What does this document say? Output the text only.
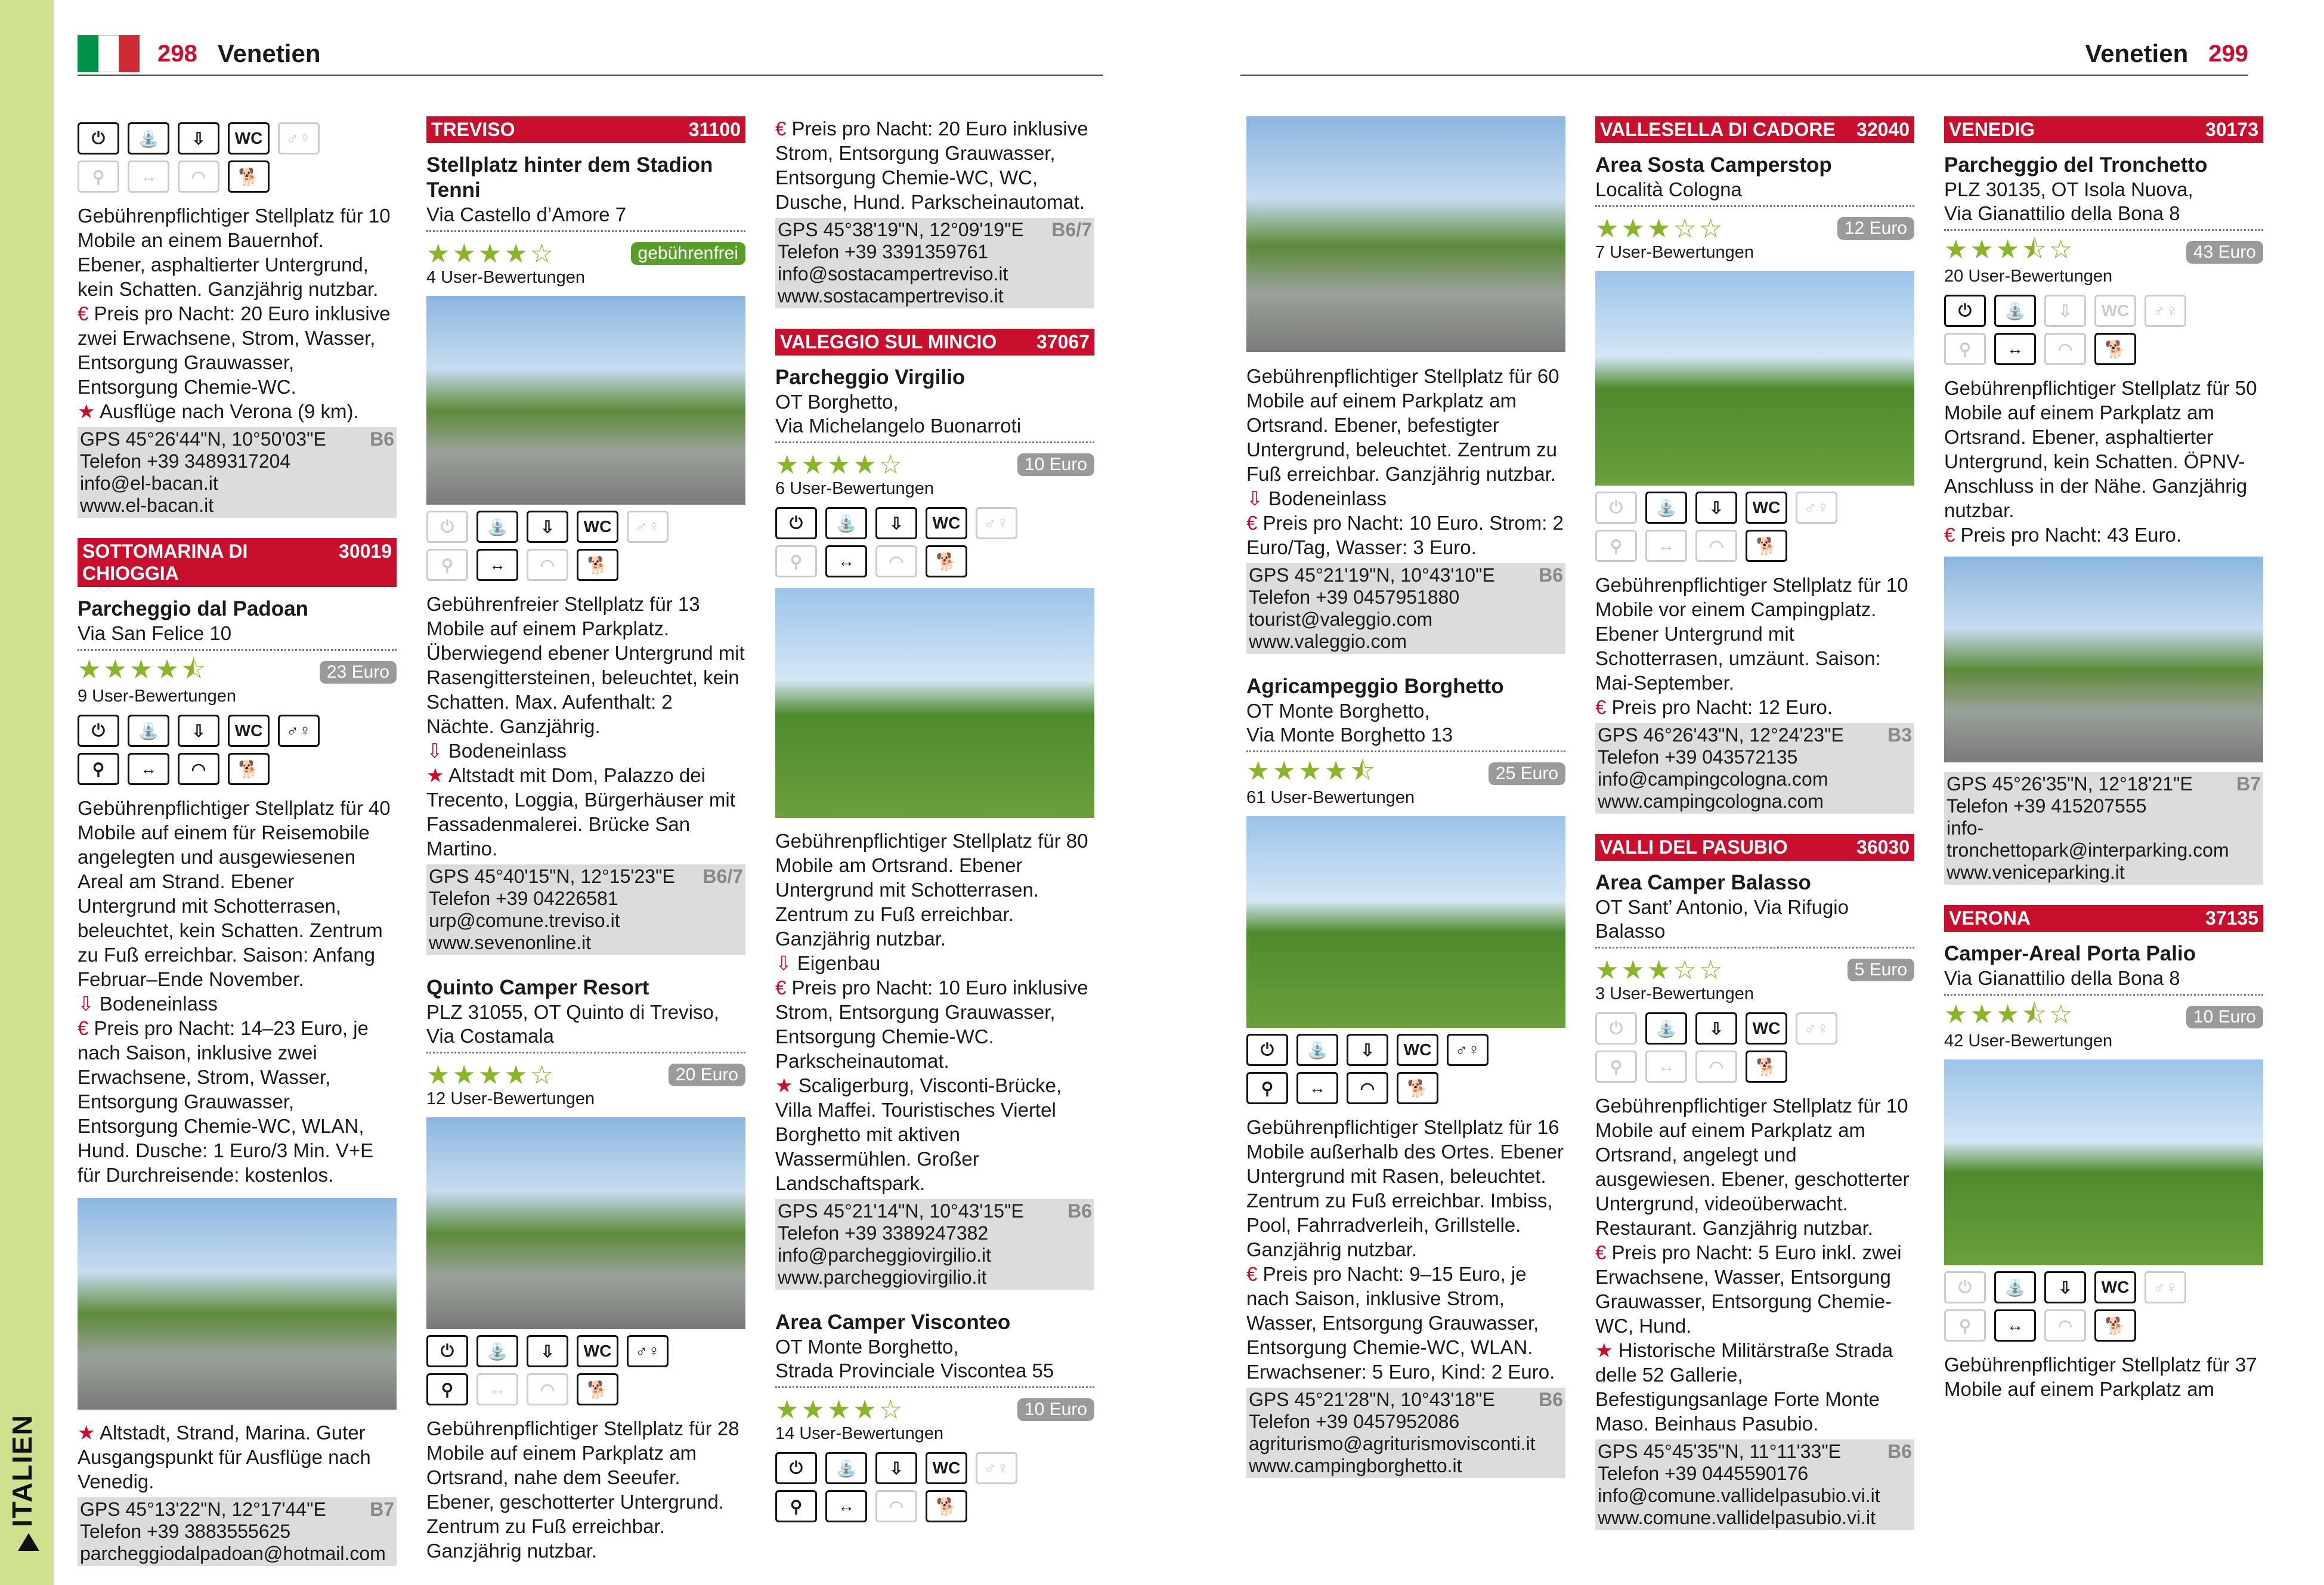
ITALIEN
298 Venetien	Venetien 299
⏻	⛲	⇩	WC	♂♀
⚲	↔	◠	🐕
Gebührenpflichtiger Stellplatz für 10 Mobile an einem Bauernhof. Ebener, asphaltierter Untergrund, kein Schatten. Ganzjährig nutzbar.
€ Preis pro Nacht: 20 Euro inklusive zwei Erwachsene, Strom, Wasser, Entsorgung Grauwasser, Entsorgung Chemie-WC.
★ Ausflüge nach Verona (9 km).
B6
GPS 45°26'44"N, 10°50'03"E
Telefon +39 3489317204
info@el-bacan.it
www.el-bacan.it
SOTTOMARINA DI CHIOGGIA
30019
Parcheggio dal Padoan
Via San Felice 10
★★★★⯪	23 Euro
9 User-Bewertungen
⏻	⛲	⇩	WC	♂♀
⚲	↔	◠	🐕
Gebührenpflichtiger Stellplatz für 40 Mobile auf einem für Reisemobile angelegten und ausgewiesenen Areal am Strand. Ebener Untergrund mit Schotterrasen, beleuchtet, kein Schatten. Zentrum zu Fuß erreichbar. Saison: Anfang Februar–Ende November.
⇩ Bodeneinlass
€ Preis pro Nacht: 14–23 Euro, je nach Saison, inklusive zwei Erwachsene, Strom, Wasser, Entsorgung Grauwasser, Entsorgung Chemie-WC, WLAN, Hund. Dusche: 1 Euro/3 Min. V+E für Durchreisende: kostenlos.
★ Altstadt, Strand, Marina. Guter Ausgangspunkt für Ausflüge nach Venedig.
B7
GPS 45°13'22"N, 12°17'44"E
Telefon +39 3883555625
parcheggiodalpadoan@hotmail.com
TREVISO	31100
Stellplatz hinter dem Stadion Tenni
Via Castello d’Amore 7
★★★★☆	gebührenfrei
4 User-Bewertungen
⏻	⛲	⇩	WC	♂♀
⚲	↔	◠	🐕
Gebührenfreier Stellplatz für 13 Mobile auf einem Parkplatz. Überwiegend ebener Untergrund mit Rasengittersteinen, beleuchtet, kein Schatten. Max. Aufenthalt: 2 Nächte. Ganzjährig.
⇩ Bodeneinlass
★ Altstadt mit Dom, Palazzo dei Trecento, Loggia, Bürgerhäuser mit Fassadenmalerei. Brücke San Martino.
B6/7
GPS 45°40'15"N, 12°15'23"E
Telefon +39 04226581
urp@comune.treviso.it
www.sevenonline.it
Quinto Camper Resort
PLZ 31055, OT Quinto di Treviso,
Via Costamala
★★★★☆	20 Euro
12 User-Bewertungen
⏻	⛲	⇩	WC	♂♀
⚲	↔	◠	🐕
Gebührenpflichtiger Stellplatz für 28 Mobile auf einem Parkplatz am Ortsrand, nahe dem Seeufer. Ebener, geschotterter Untergrund. Zentrum zu Fuß erreichbar. Ganzjährig nutzbar.
€ Preis pro Nacht: 20 Euro inklusive Strom, Entsorgung Grauwasser, Entsorgung Chemie-WC, WC, Dusche, Hund. Parkscheinautomat.
B6/7
GPS 45°38'19"N, 12°09'19"E
Telefon +39 3391359761
info@sostacampertreviso.it
www.sostacampertreviso.it
VALEGGIO SUL MINCIO 37067
Parcheggio Virgilio
OT Borghetto,
Via Michelangelo Buonarroti
★★★★☆	10 Euro
6 User-Bewertungen
⏻	⛲	⇩	WC	♂♀
⚲	↔	◠	🐕
Gebührenpflichtiger Stellplatz für 80 Mobile am Ortsrand. Ebener Untergrund mit Schotterrasen. Zentrum zu Fuß erreichbar. Ganzjährig nutzbar.
⇩ Eigenbau
€ Preis pro Nacht: 10 Euro inklusive Strom, Entsorgung Grauwasser, Entsorgung Chemie-WC. Parkscheinautomat.
★ Scaligerburg, Visconti-Brücke, Villa Maffei. Touristisches Viertel Borghetto mit aktiven Wassermühlen. Großer Landschaftspark.
B6
GPS 45°21'14"N, 10°43'15"E
Telefon +39 3389247382
info@parcheggiovirgilio.it
www.parcheggiovirgilio.it
Area Camper Visconteo
OT Monte Borghetto,
Strada Provinciale Visconteа 55
★★★★☆	10 Euro
14 User-Bewertungen
⏻	⛲	⇩	WC	♂♀
⚲	↔	◠	🐕
Gebührenpflichtiger Stellplatz für 60 Mobile auf einem Parkplatz am Ortsrand. Ebener, befestigter Untergrund, beleuchtet. Zentrum zu Fuß erreichbar. Ganzjährig nutzbar.
⇩ Bodeneinlass
€ Preis pro Nacht: 10 Euro. Strom: 2 Euro/Tag, Wasser: 3 Euro.
B6
GPS 45°21'19"N, 10°43'10"E
Telefon +39 0457951880
tourist@valeggio.com
www.valeggio.com
Agricampeggio Borghetto
OT Monte Borghetto,
Via Monte Borghetto 13
★★★★⯪	25 Euro
61 User-Bewertungen
⏻	⛲	⇩	WC	♂♀
⚲	↔	◠	🐕
Gebührenpflichtiger Stellplatz für 16 Mobile außerhalb des Ortes. Ebener Untergrund mit Rasen, beleuchtet. Zentrum zu Fuß erreichbar. Imbiss, Pool, Fahrradverleih, Grillstelle. Ganzjährig nutzbar.
€ Preis pro Nacht: 9–15 Euro, je nach Saison, inklusive Strom, Wasser, Entsorgung Grauwasser, Entsorgung Chemie-WC, WLAN. Erwachsener: 5 Euro, Kind: 2 Euro.
B6
GPS 45°21'28"N, 10°43'18"E
Telefon +39 0457952086
agriturismo@agriturismovisconti.it
www.campingborghetto.it
VALLESELLA DI CADORE 32040
Area Sosta Camperstop
Località Cologna
★★★☆☆	12 Euro
7 User-Bewertungen
⏻	⛲	⇩	WC	♂♀
⚲	↔	◠	🐕
Gebührenpflichtiger Stellplatz für 10 Mobile vor einem Campingplatz. Ebener Untergrund mit Schotterrasen, umzäunt. Saison: Mai-September.
€ Preis pro Nacht: 12 Euro.
B3
GPS 46°26'43"N, 12°24'23"E
Telefon +39 043572135
info@campingcologna.com
www.campingcologna.com
VALLI DEL PASUBIO	36030
Area Camper Balasso
OT Sant’ Antonio, Via Rifugio Balasso
★★★☆☆	5 Euro
3 User-Bewertungen
⏻	⛲	⇩	WC	♂♀
⚲	↔	◠	🐕
Gebührenpflichtiger Stellplatz für 10 Mobile auf einem Parkplatz am Ortsrand, angelegt und ausgewiesen. Ebener, geschotterter Untergrund, videoüberwacht. Restaurant. Ganzjährig nutzbar.
€ Preis pro Nacht: 5 Euro inkl. zwei Erwachsene, Wasser, Entsorgung Grauwasser, Entsorgung Chemie-WC, Hund.
★ Historische Militärstraße Strada delle 52 Gallerie, Befestigungsanlage Forte Monte Maso. Beinhaus Pasubio.
B6
GPS 45°45'35"N, 11°11'33"E
Telefon +39 0445590176
info@comune.vallidelpasubio.vi.it
www.comune.vallidelpasubio.vi.it
VENEDIG	30173
Parcheggio del Tronchetto
PLZ 30135, OT Isola Nuova,
Via Gianattilio della Bona 8
★★★⯪☆	43 Euro
20 User-Bewertungen
⏻	⛲	⇩	WC	♂♀
⚲	↔	◠	🐕
Gebührenpflichtiger Stellplatz für 50 Mobile auf einem Parkplatz am Ortsrand. Ebener, asphaltierter Untergrund, kein Schatten. ÖPNV-Anschluss in der Nähe. Ganzjährig nutzbar.
€ Preis pro Nacht: 43 Euro.
B7
GPS 45°26'35"N, 12°18'21"E
Telefon +39 415207555
info-tronchettopark@interparking.com
www.veniceparking.it
VERONA	37135
Camper-Areal Porta Palio
Via Gianattilio della Bona 8
★★★⯪☆	10 Euro
42 User-Bewertungen
⏻	⛲	⇩	WC	♂♀
⚲	↔	◠	🐕
Gebührenpflichtiger Stellplatz für 37 Mobile auf einem Parkplatz am
